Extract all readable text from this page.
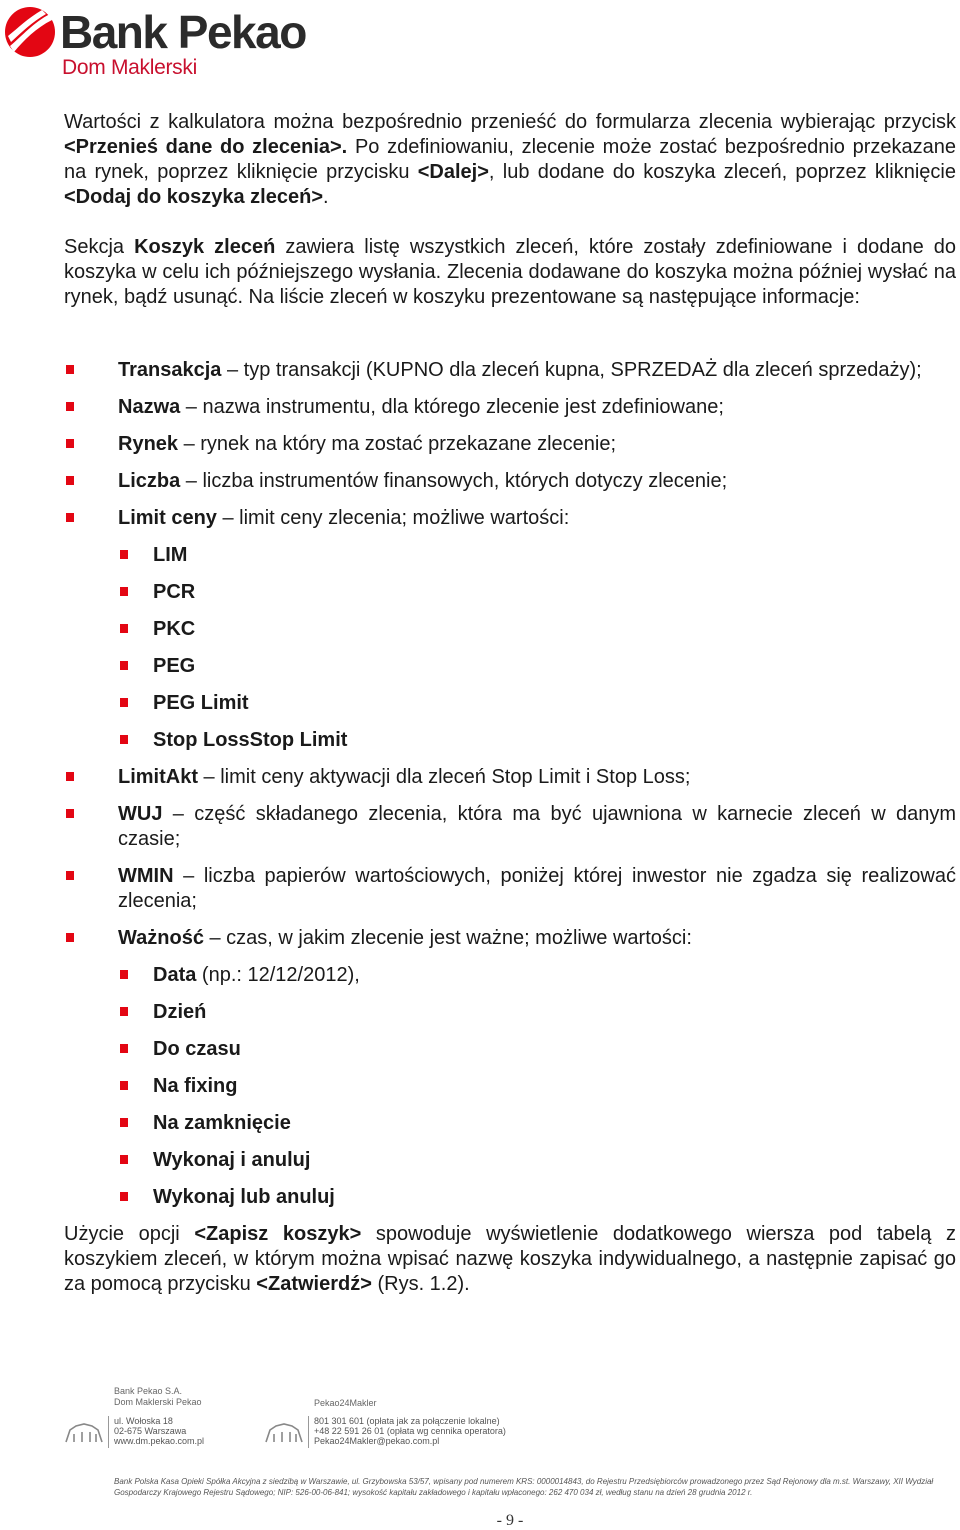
Bank Pekao
Dom Maklerski

Wartości z kalkulatora można bezpośrednio przenieść do formularza zlecenia wybierając przycisk <Przenieś dane do zlecenia>. Po zdefiniowaniu, zlecenie może zostać bezpośrednio przekazane na rynek, poprzez kliknięcie przycisku <Dalej>, lub dodane do koszyka zleceń, poprzez kliknięcie <Dodaj do koszyka zleceń>.

Sekcja Koszyk zleceń zawiera listę wszystkich zleceń, które zostały zdefiniowane i dodane do koszyka w celu ich późniejszego wysłania. Zlecenia dodawane do koszyka można później wysłać na rynek, bądź usunąć. Na liście zleceń w koszyku prezentowane są następujące informacje:

Transakcja – typ transakcji (KUPNO dla zleceń kupna, SPRZEDAŻ dla zleceń sprzedaży);
Nazwa – nazwa instrumentu, dla którego zlecenie jest zdefiniowane;
Rynek – rynek na który ma zostać przekazane zlecenie;
Liczba – liczba instrumentów finansowych, których dotyczy zlecenie;
Limit ceny – limit ceny zlecenia; możliwe wartości:
LIM
PCR
PKC
PEG
PEG Limit
Stop LossStop Limit
LimitAkt – limit ceny aktywacji dla zleceń Stop Limit i Stop Loss;
WUJ – część składanego zlecenia, która ma być ujawniona w karnecie zleceń w danym czasie;
WMIN – liczba papierów wartościowych, poniżej której inwestor nie zgadza się realizować zlecenia;
Ważność – czas, w jakim zlecenie jest ważne; możliwe wartości:
Data (np.: 12/12/2012),
Dzień
Do czasu
Na fixing
Na zamknięcie
Wykonaj i anuluj
Wykonaj lub anuluj

Użycie opcji <Zapisz koszyk> spowoduje wyświetlenie dodatkowego wiersza pod tabelą z koszykiem zleceń, w którym można wpisać nazwę koszyka indywidualnego, a następnie zapisać go za pomocą przycisku <Zatwierdź> (Rys. 1.2).

Bank Pekao S.A.
Dom Maklerski Pekao
ul. Wołoska 18
02-675 Warszawa
www.dm.pekao.com.pl
Pekao24Makler
801 301 601 (opłata jak za połączenie lokalne)
+48 22 591 26 01 (opłata wg cennika operatora)
Pekao24Makler@pekao.com.pl
Bank Polska Kasa Opieki Spółka Akcyjna z siedzibą w Warszawie, ul. Grzybowska 53/57, wpisany pod numerem KRS: 0000014843, do Rejestru Przedsiębiorców prowadzonego przez Sąd Rejonowy dla m.st. Warszawy, XII Wydział Gospodarczy Krajowego Rejestru Sądowego; NIP: 526-00-06-841; wysokość kapitału zakładowego i kapitału wpłaconego: 262 470 034 zł, według stanu na dzień 28 grudnia 2012 r.
- 9 -
